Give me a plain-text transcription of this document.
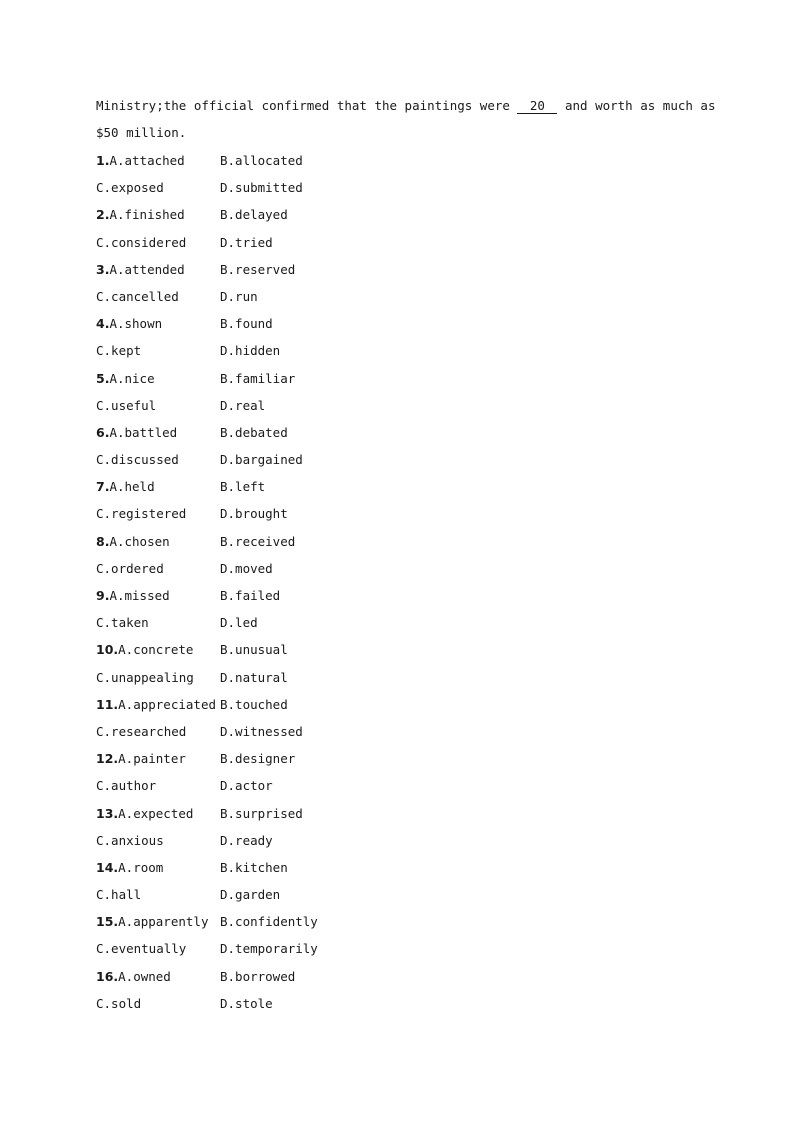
Ministry;the official confirmed that the paintings were 20 and worth as much as
$50 million.
1.A.attached	B.allocated
C.exposed	D.submitted
2.A.finished	B.delayed
C.considered	D.tried
3.A.attended	B.reserved
C.cancelled	D.run
4.A.shown	B.found
C.kept	D.hidden
5.A.nice	B.familiar
C.useful	D.real
6.A.battled	B.debated
C.discussed	D.bargained
7.A.held	B.left
C.registered	D.brought
8.A.chosen	B.received
C.ordered	D.moved
9.A.missed	B.failed
C.taken	D.led
10.A.concrete	B.unusual
C.unappealing	D.natural
11.A.appreciated B.touched
C.researched	D.witnessed
12.A.painter	B.designer
C.author	D.actor
13.A.expected	B.surprised
C.anxious	D.ready
14.A.room	B.kitchen
C.hall	D.garden
15.A.apparently B.confidently
C.eventually	D.temporarily
16.A.owned	B.borrowed
C.sold	D.stole
